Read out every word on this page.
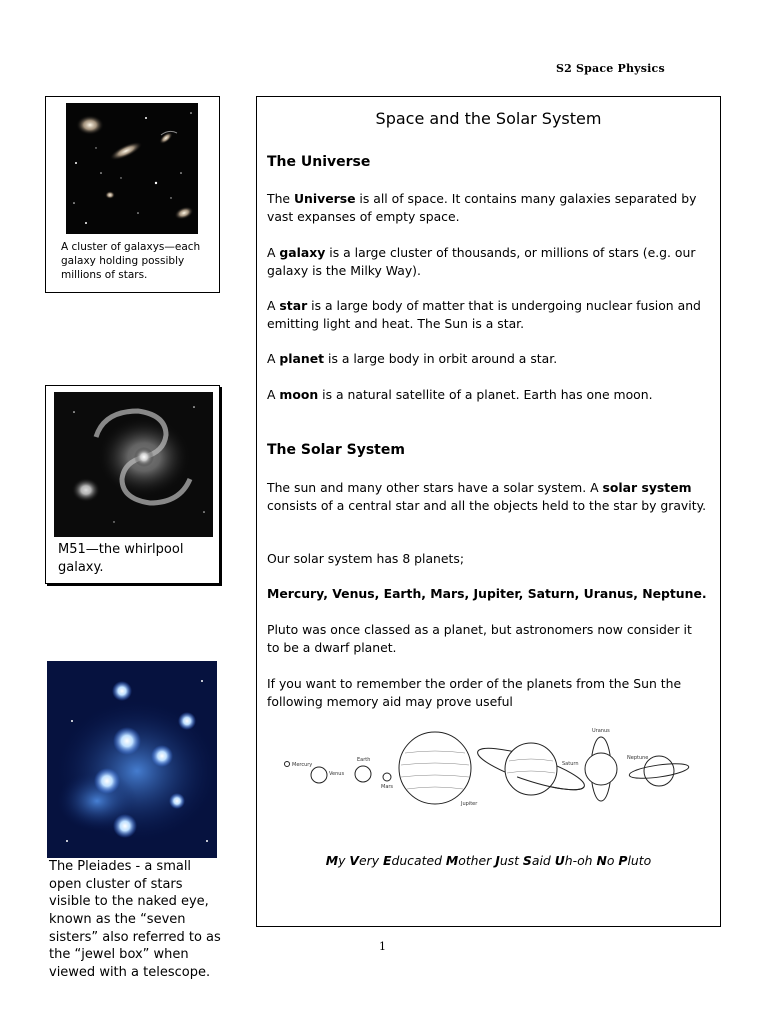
S2 Space Physics
A cluster of galaxys—each galaxy holding possibly millions of stars.
M51—the whirlpool galaxy.
The Pleiades - a small open cluster of stars visible to the naked eye, known as the “seven sisters” also referred to as the “jewel box” when viewed with a telescope.
Space and the Solar System
The Universe
The Universe is all of space. It contains many galaxies separated by vast expanses of empty space.
A galaxy is a large cluster of thousands, or millions of stars (e.g. our galaxy is the Milky Way).
A star is a large body of matter that is undergoing nuclear fusion and emitting light and heat. The Sun is a star.
A planet is a large body in orbit around a star.
A moon is a natural satellite of a planet. Earth has one moon.
The Solar System
The sun and many other stars have a solar system. A solar system consists of a central star and all the objects held to the star by gravity.
Our solar system has 8 planets;
Mercury, Venus, Earth, Mars, Jupiter, Saturn, Uranus, Neptune.
Pluto was once classed as a planet, but astronomers now consider it to be a dwarf planet.
If you want to remember the order of the planets from the Sun the following memory aid may prove useful
Mercury
Venus
Earth
Mars
Jupiter
Saturn
Uranus
Neptune
My Very Educated Mother Just Said Uh-oh No Pluto
1
